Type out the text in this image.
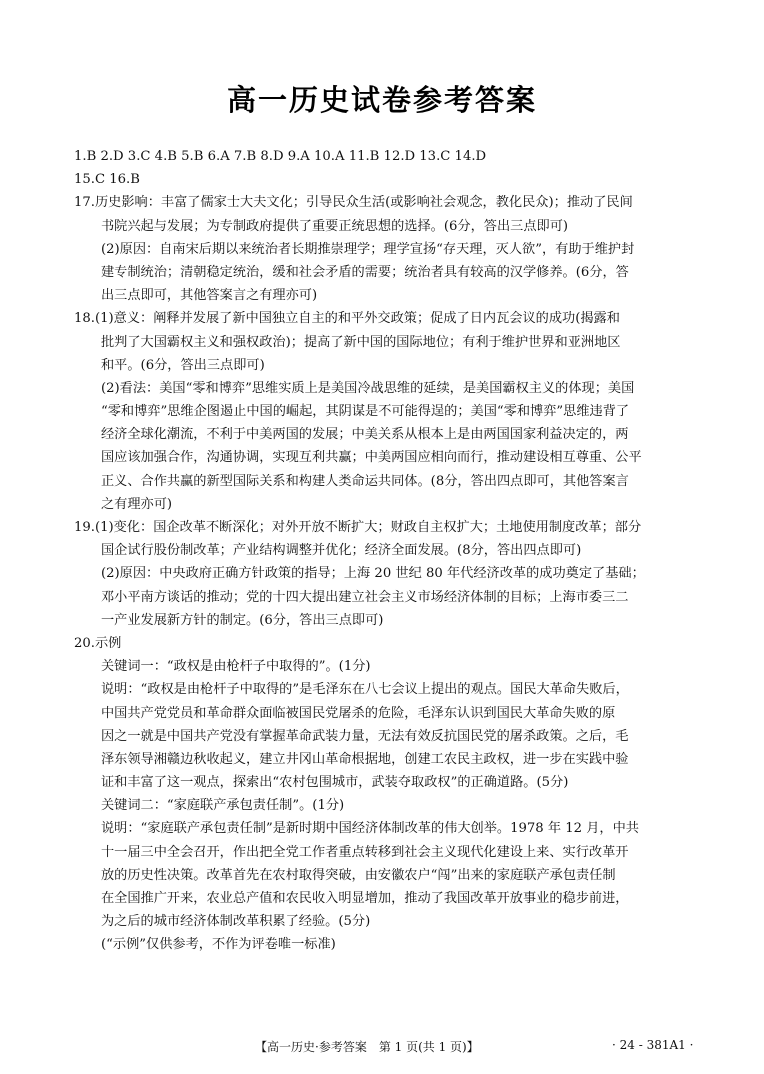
高一历史试卷参考答案
1.B 2.D 3.C 4.B 5.B 6.A 7.B 8.D 9.A 10.A 11.B 12.D 13.C 14.D
15.C 16.B
17.历史影响：丰富了儒家士大夫文化；引导民众生活(或影响社会观念，教化民众)；推动了民间
书院兴起与发展；为专制政府提供了重要正统思想的选择。(6分，答出三点即可)
(2)原因：自南宋后期以来统治者长期推崇理学；理学宣扬“存天理，灭人欲”，有助于维护封
建专制统治；清朝稳定统治，缓和社会矛盾的需要；统治者具有较高的汉学修养。(6分，答
出三点即可，其他答案言之有理亦可)
18.(1)意义：阐释并发展了新中国独立自主的和平外交政策；促成了日内瓦会议的成功(揭露和
批判了大国霸权主义和强权政治)；提高了新中国的国际地位；有利于维护世界和亚洲地区
和平。(6分，答出三点即可)
(2)看法：美国“零和博弈”思维实质上是美国冷战思维的延续，是美国霸权主义的体现；美国
“零和博弈”思维企图遏止中国的崛起，其阴谋是不可能得逞的；美国“零和博弈”思维违背了
经济全球化潮流，不利于中美两国的发展；中美关系从根本上是由两国国家利益决定的，两
国应该加强合作，沟通协调，实现互利共赢；中美两国应相向而行，推动建设相互尊重、公平
正义、合作共赢的新型国际关系和构建人类命运共同体。(8分，答出四点即可，其他答案言
之有理亦可)
19.(1)变化：国企改革不断深化；对外开放不断扩大；财政自主权扩大；土地使用制度改革；部分
国企试行股份制改革；产业结构调整并优化；经济全面发展。(8分，答出四点即可)
(2)原因：中央政府正确方针政策的指导；上海 20 世纪 80 年代经济改革的成功奠定了基础；
邓小平南方谈话的推动；党的十四大提出建立社会主义市场经济体制的目标；上海市委三二
一产业发展新方针的制定。(6分，答出三点即可)
20.示例
关键词一：“政权是由枪杆子中取得的”。(1分)
说明：“政权是由枪杆子中取得的”是毛泽东在八七会议上提出的观点。国民大革命失败后，
中国共产党党员和革命群众面临被国民党屠杀的危险，毛泽东认识到国民大革命失败的原
因之一就是中国共产党没有掌握革命武装力量，无法有效反抗国民党的屠杀政策。之后，毛
泽东领导湘赣边秋收起义，建立井冈山革命根据地，创建工农民主政权，进一步在实践中验
证和丰富了这一观点，探索出“农村包围城市，武装夺取政权”的正确道路。(5分)
关键词二：“家庭联产承包责任制”。(1分)
说明：“家庭联产承包责任制”是新时期中国经济体制改革的伟大创举。1978 年 12 月，中共
十一届三中全会召开，作出把全党工作者重点转移到社会主义现代化建设上来、实行改革开
放的历史性决策。改革首先在农村取得突破，由安徽农户“闯”出来的家庭联产承包责任制
在全国推广开来，农业总产值和农民收入明显增加，推动了我国改革开放事业的稳步前进，
为之后的城市经济体制改革积累了经验。(5分)
(“示例”仅供参考，不作为评卷唯一标准)
【高一历史·参考答案　第 1 页(共 1 页)】	· 24 - 381A1 ·
